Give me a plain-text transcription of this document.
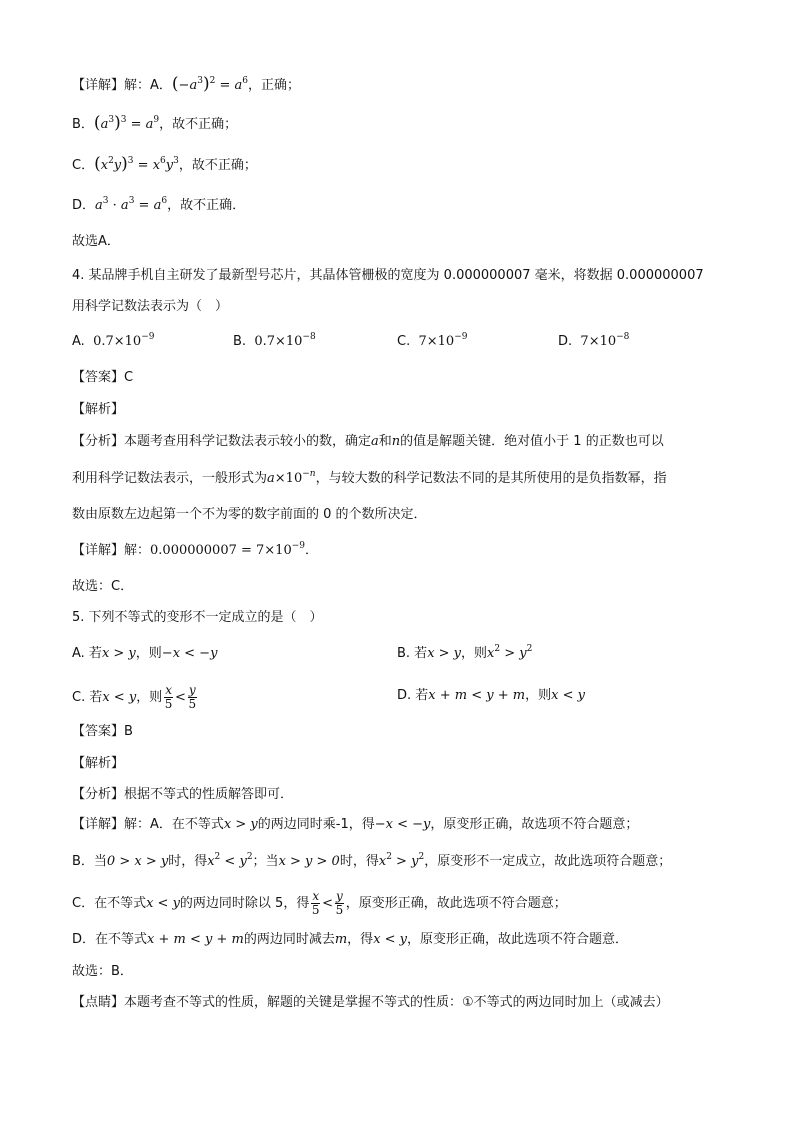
【详解】解：A．$(-a^3)^2 = a^6$，正确；
B．$(a^3)^3 = a^9$，故不正确；
C．$(x^2y)^3 = x^6y^3$，故不正确；
D．$a^3 \cdot a^3 = a^6$，故不正确．
故选A．
4. 某品牌手机自主研发了最新型号芯片，其晶体管栅极的宽度为 0.000000007 毫米，将数据 0.000000007
用科学记数法表示为（　）
A. $0.7\times 10^{-9}$	B. $0.7\times 10^{-8}$	C. $7\times 10^{-9}$	D. $7\times 10^{-8}$
【答案】C
【解析】
【分析】本题考查用科学记数法表示较小的数，确定a和n的值是解题关键．绝对值小于 1 的正数也可以
利用科学记数法表示，一般形式为$a\times 10^{-n}$，与较大数的科学记数法不同的是其所使用的是负指数幂，指
数由原数左边起第一个不为零的数字前面的 0 的个数所决定．
【详解】解：$0.000000007 = 7\times 10^{-9}$．
故选：C．
5. 下列不等式的变形不一定成立的是（　）
A. 若x > y，则−x < −y	B. 若x > y，则$x^2 > y^2$
C. 若x < y，则 $\frac{x}{5} < \frac{y}{5}$	D. 若x + m < y + m，则x < y
【答案】B
【解析】
【分析】根据不等式的性质解答即可．
【详解】解：A．在不等式x > y的两边同时乘-1，得−x < −y，原变形正确，故选项不符合题意；
B．当0 > x > y时，得$x^2 < y^2$；当x > y > 0时，得$x^2 > y^2$，原变形不一定成立，故此选项符合题意；
C．在不等式x < y的两边同时除以 5，得 $\frac{x}{5} < \frac{y}{5}$ ，原变形正确，故此选项不符合题意；
D．在不等式x + m < y + m的两边同时减去m，得x < y，原变形正确，故此选项不符合题意．
故选：B．
【点睛】本题考查不等式的性质，解题的关键是掌握不等式的性质：①不等式的两边同时加上（或减去）
